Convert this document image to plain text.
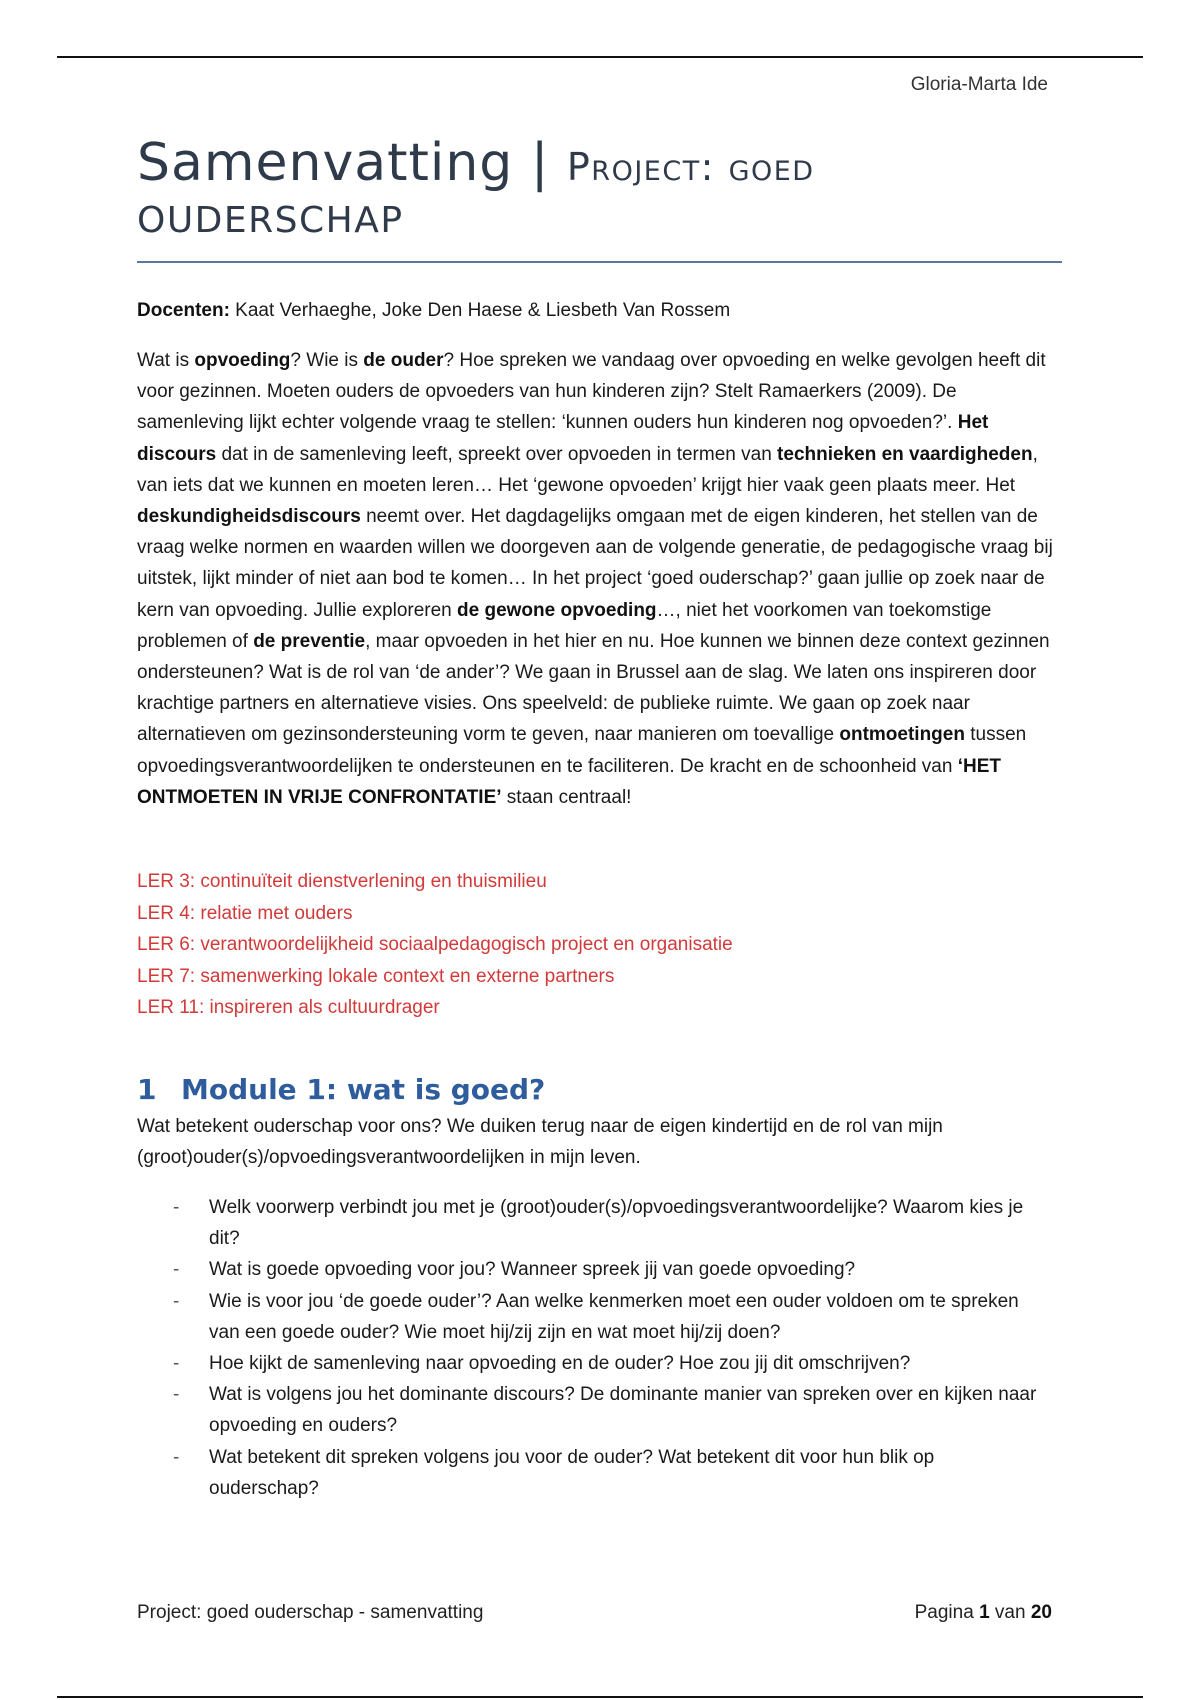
Gloria-Marta Ide
Samenvatting | Project: goed
OUDERSCHAP
Docenten: Kaat Verhaeghe, Joke Den Haese & Liesbeth Van Rossem
Wat is opvoeding? Wie is de ouder? Hoe spreken we vandaag over opvoeding en welke gevolgen heeft dit voor gezinnen. Moeten ouders de opvoeders van hun kinderen zijn? Stelt Ramaerkers (2009). De samenleving lijkt echter volgende vraag te stellen: ‘kunnen ouders hun kinderen nog opvoeden?’. Het discours dat in de samenleving leeft, spreekt over opvoeden in termen van technieken en vaardigheden, van iets dat we kunnen en moeten leren… Het ‘gewone opvoeden’ krijgt hier vaak geen plaats meer. Het deskundigheidsdiscours neemt over. Het dagdagelijks omgaan met de eigen kinderen, het stellen van de vraag welke normen en waarden willen we doorgeven aan de volgende generatie, de pedagogische vraag bij uitstek, lijkt minder of niet aan bod te komen… In het project ‘goed ouderschap?’ gaan jullie op zoek naar de kern van opvoeding. Jullie exploreren de gewone opvoeding…, niet het voorkomen van toekomstige problemen of de preventie, maar opvoeden in het hier en nu. Hoe kunnen we binnen deze context gezinnen ondersteunen? Wat is de rol van ‘de ander’? We gaan in Brussel aan de slag. We laten ons inspireren door krachtige partners en alternatieve visies. Ons speelveld: de publieke ruimte. We gaan op zoek naar alternatieven om gezinsondersteuning vorm te geven, naar manieren om toevallige ontmoetingen tussen opvoedingsverantwoordelijken te ondersteunen en te faciliteren. De kracht en de schoonheid van ‘HET ONTMOETEN IN VRIJE CONFRONTATIE’ staan centraal!
LER 3: continuïteit dienstverlening en thuismilieu
LER 4: relatie met ouders
LER 6: verantwoordelijkheid sociaalpedagogisch project en organisatie
LER 7: samenwerking lokale context en externe partners
LER 11: inspireren als cultuurdrager
1 Module 1: wat is goed?
Wat betekent ouderschap voor ons? We duiken terug naar de eigen kindertijd en de rol van mijn (groot)ouder(s)/opvoedingsverantwoordelijken in mijn leven.
- Welk voorwerp verbindt jou met je (groot)ouder(s)/opvoedingsverantwoordelijke? Waarom kies je dit?
- Wat is goede opvoeding voor jou? Wanneer spreek jij van goede opvoeding?
- Wie is voor jou ‘de goede ouder’? Aan welke kenmerken moet een ouder voldoen om te spreken van een goede ouder? Wie moet hij/zij zijn en wat moet hij/zij doen?
- Hoe kijkt de samenleving naar opvoeding en de ouder? Hoe zou jij dit omschrijven?
- Wat is volgens jou het dominante discours? De dominante manier van spreken over en kijken naar opvoeding en ouders?
- Wat betekent dit spreken volgens jou voor de ouder? Wat betekent dit voor hun blik op ouderschap?
Project: goed ouderschap - samenvatting	Pagina 1 van 20
